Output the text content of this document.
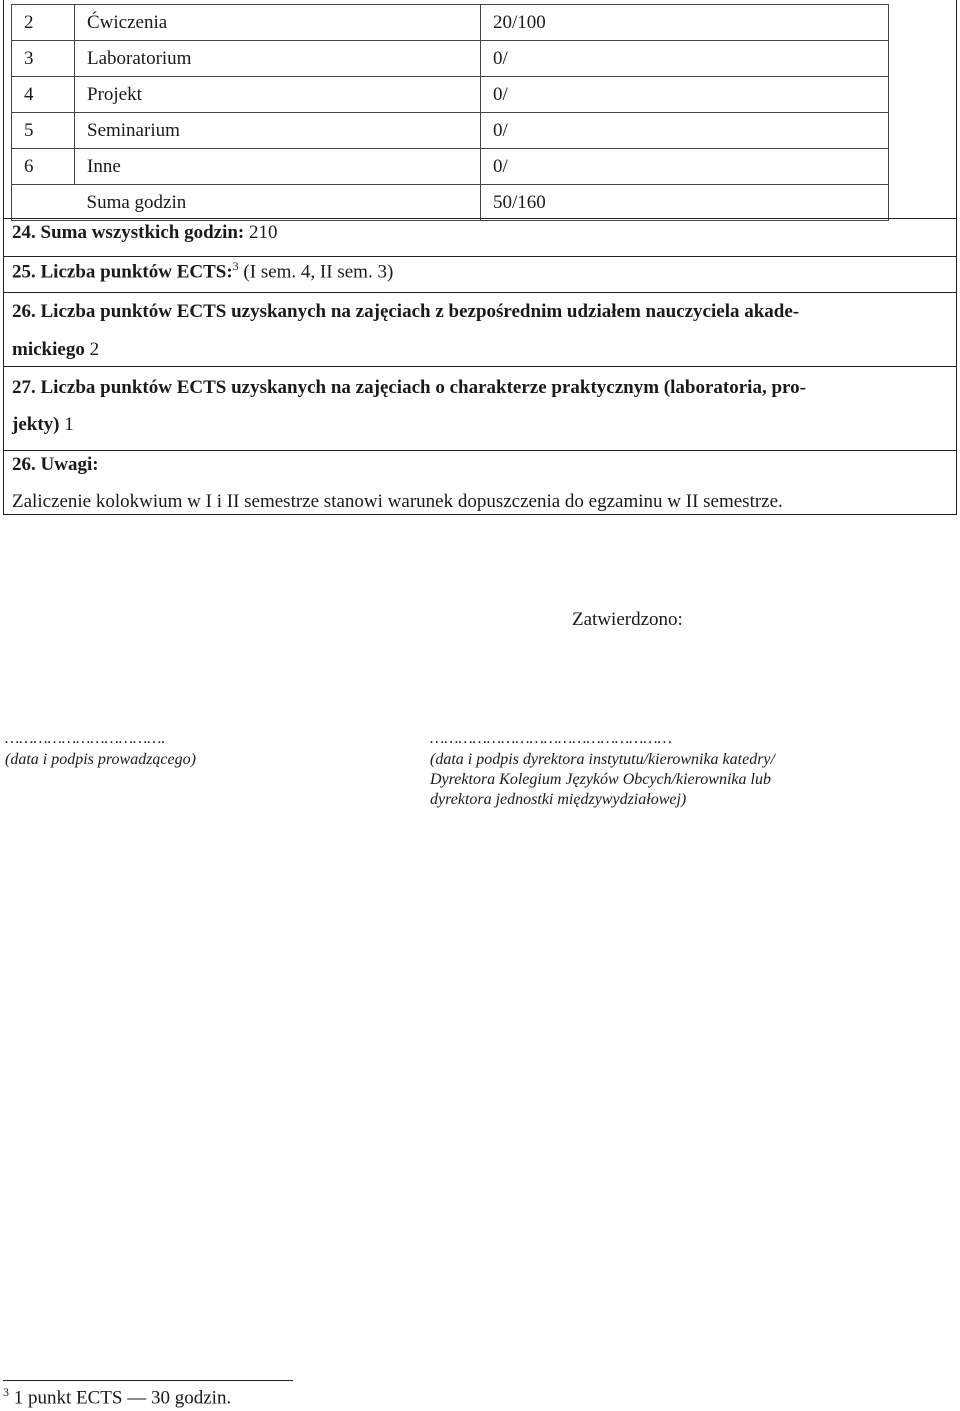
2	Ćwiczenia	20/100
3	Laboratorium	0/
4	Projekt	0/
5	Seminarium	0/
6	Inne	0/
	Suma godzin	50/160
24. Suma wszystkich godzin: 210
25. Liczba punktów ECTS:$^3$ (I sem. 4, II sem. 3)
26. Liczba punktów ECTS uzyskanych na zajęciach z bezpośrednim udziałem nauczyciela akade-
mickiego 2
27. Liczba punktów ECTS uzyskanych na zajęciach o charakterze praktycznym (laboratoria, pro-
jekty) 1
26. Uwagi:
Zaliczenie kolokwium w I i II semestrze stanowi warunek dopuszczenia do egzaminu w II semestrze.
Zatwierdzono:
…………………………….
(data i podpis prowadzącego)
……………………………………………
(data i podpis dyrektora instytutu/kierownika katedry/
Dyrektora Kolegium Języków Obcych/kierownika lub
dyrektora jednostki międzywydziałowej)
$^3$ 1 punkt ECTS — 30 godzin.
